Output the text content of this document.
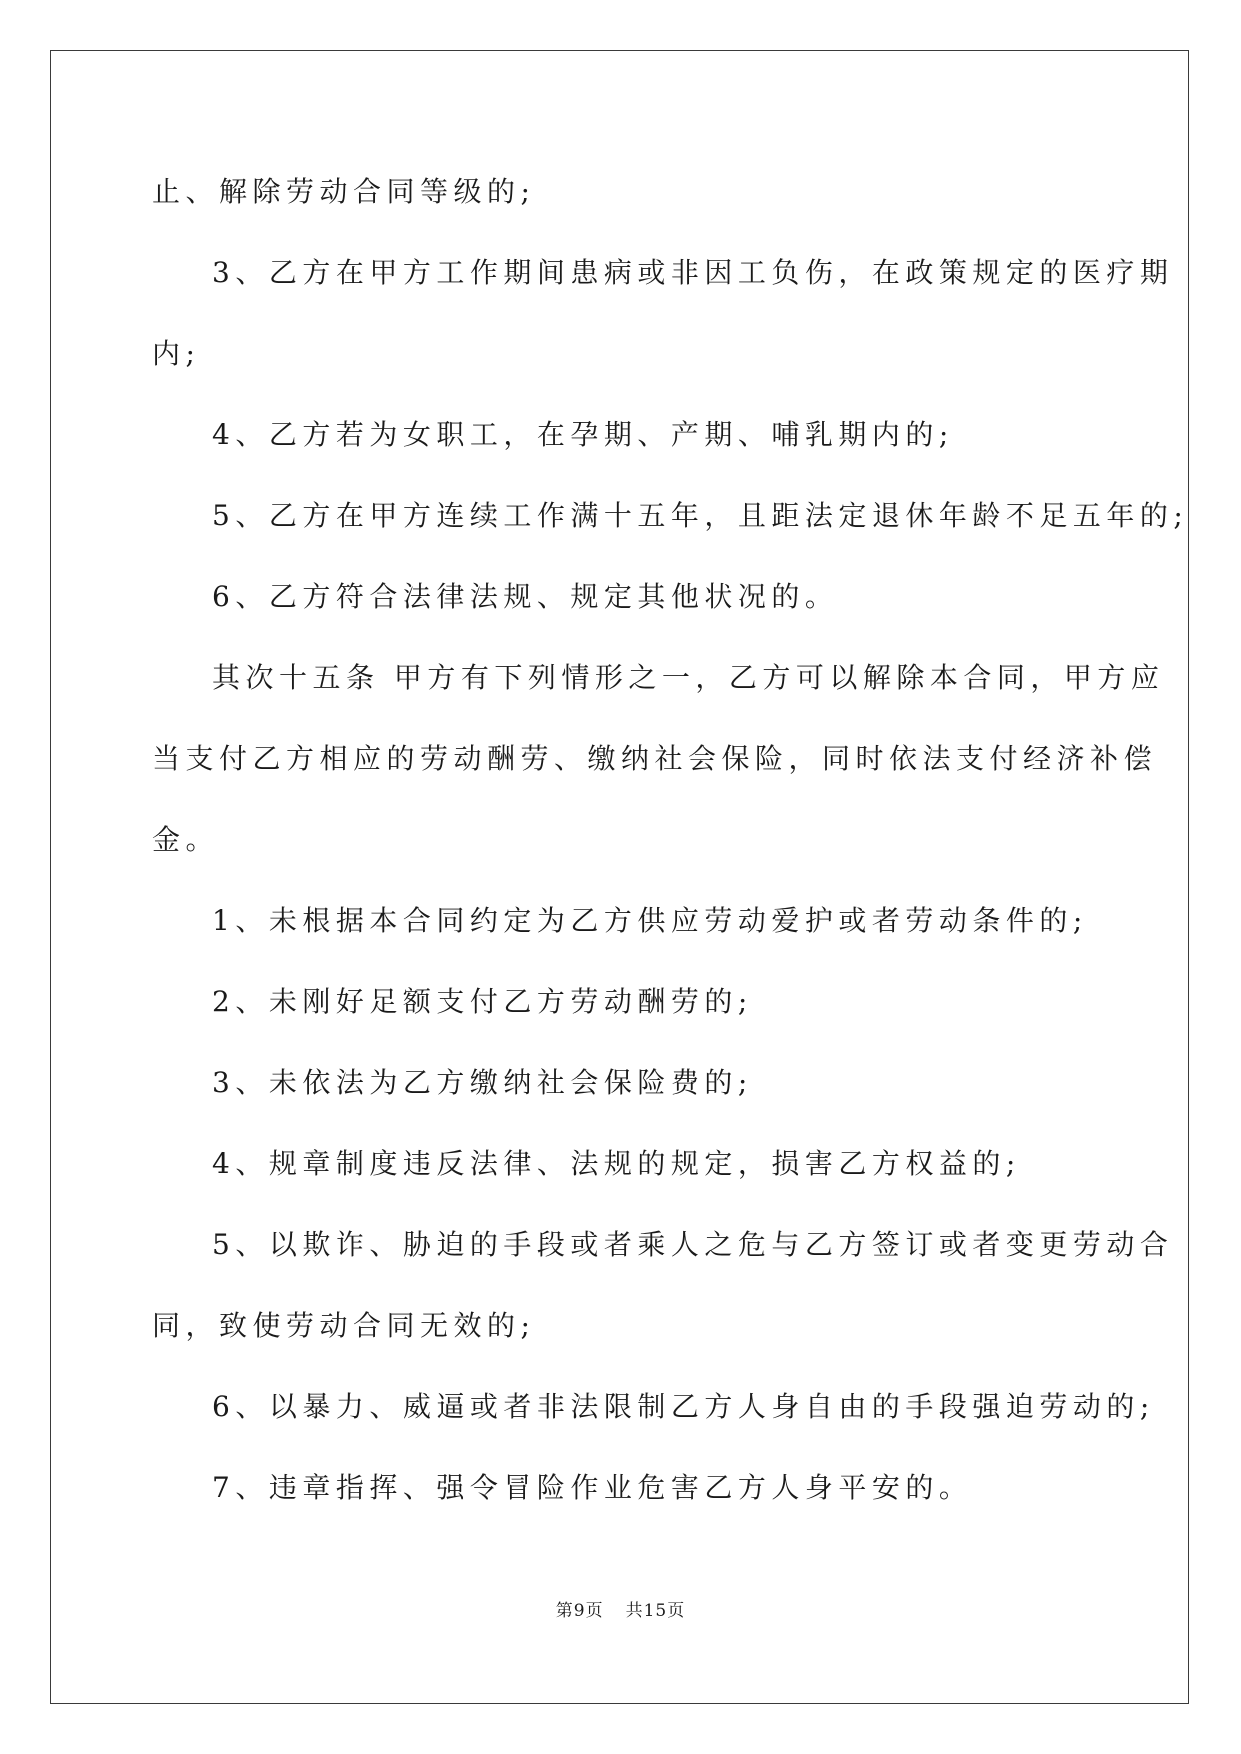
止、解除劳动合同等级的;
3、乙方在甲方工作期间患病或非因工负伤，在政策规定的医疗期
内;
4、乙方若为女职工，在孕期、产期、哺乳期内的;
5、乙方在甲方连续工作满十五年，且距法定退休年龄不足五年的;
6、乙方符合法律法规、规定其他状况的。
其次十五条 甲方有下列情形之一，乙方可以解除本合同，甲方应
当支付乙方相应的劳动酬劳、缴纳社会保险，同时依法支付经济补偿
金。
1、未根据本合同约定为乙方供应劳动爱护或者劳动条件的;
2、未刚好足额支付乙方劳动酬劳的;
3、未依法为乙方缴纳社会保险费的;
4、规章制度违反法律、法规的规定，损害乙方权益的;
5、以欺诈、胁迫的手段或者乘人之危与乙方签订或者变更劳动合
同，致使劳动合同无效的;
6、以暴力、威逼或者非法限制乙方人身自由的手段强迫劳动的;
7、违章指挥、强令冒险作业危害乙方人身平安的。
第9页 共15页
